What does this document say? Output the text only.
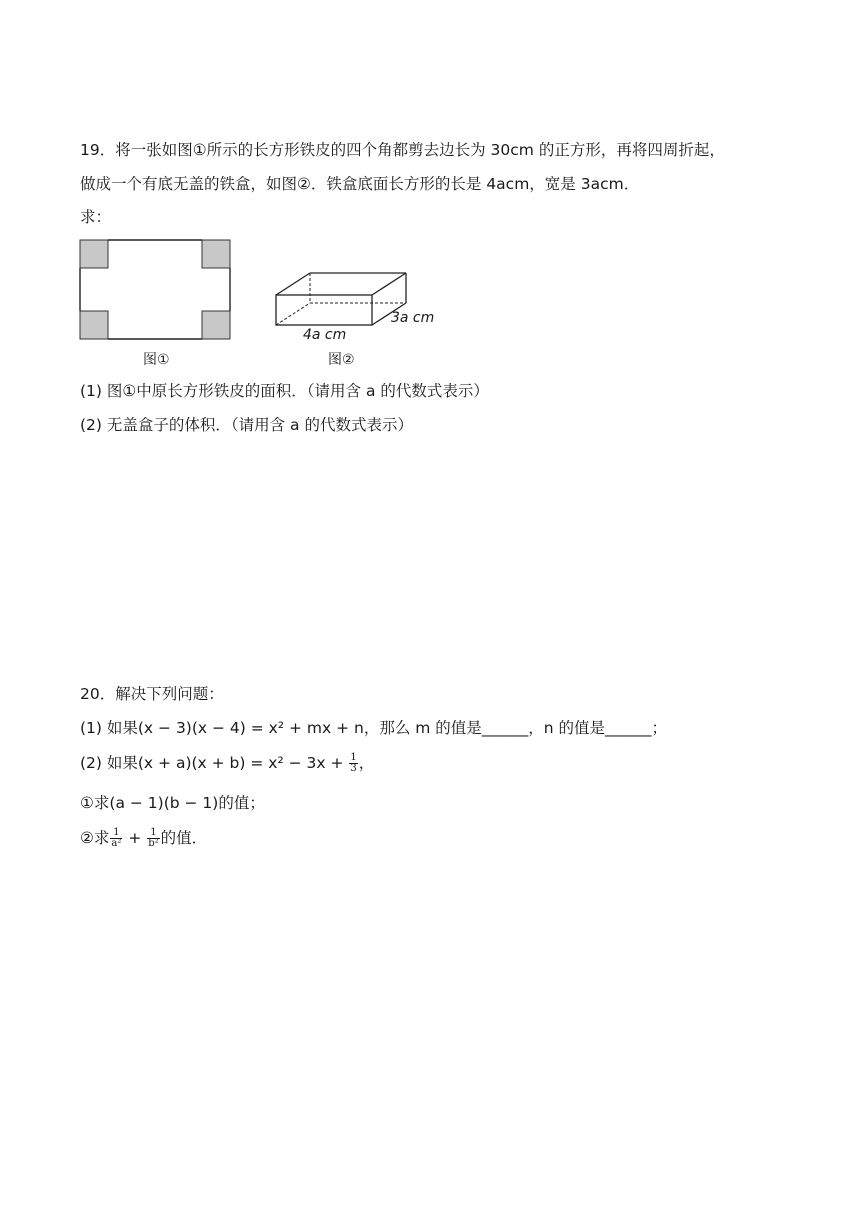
19．将一张如图①所示的长方形铁皮的四个角都剪去边长为 30cm 的正方形，再将四周折起，
做成一个有底无盖的铁盒，如图②．铁盒底面长方形的长是 4acm，宽是 3acm．
求：
图①
4a cm
3a cm
图②
(1) 图①中原长方形铁皮的面积．（请用含 a 的代数式表示）
(2) 无盖盒子的体积．（请用含 a 的代数式表示）
20．解决下列问题：
(1) 如果(x − 3)(x − 4) = x² + mx + n，那么 m 的值是______，n 的值是______；
(2) 如果$(x + a)(x + b) = x^2 - 3x + \frac{1}{3}$ ，
①求(a − 1)(b − 1)的值；
②求 $\frac{1}{\text{a²}} + \frac{1}{\text{b²}}$ 的值．
